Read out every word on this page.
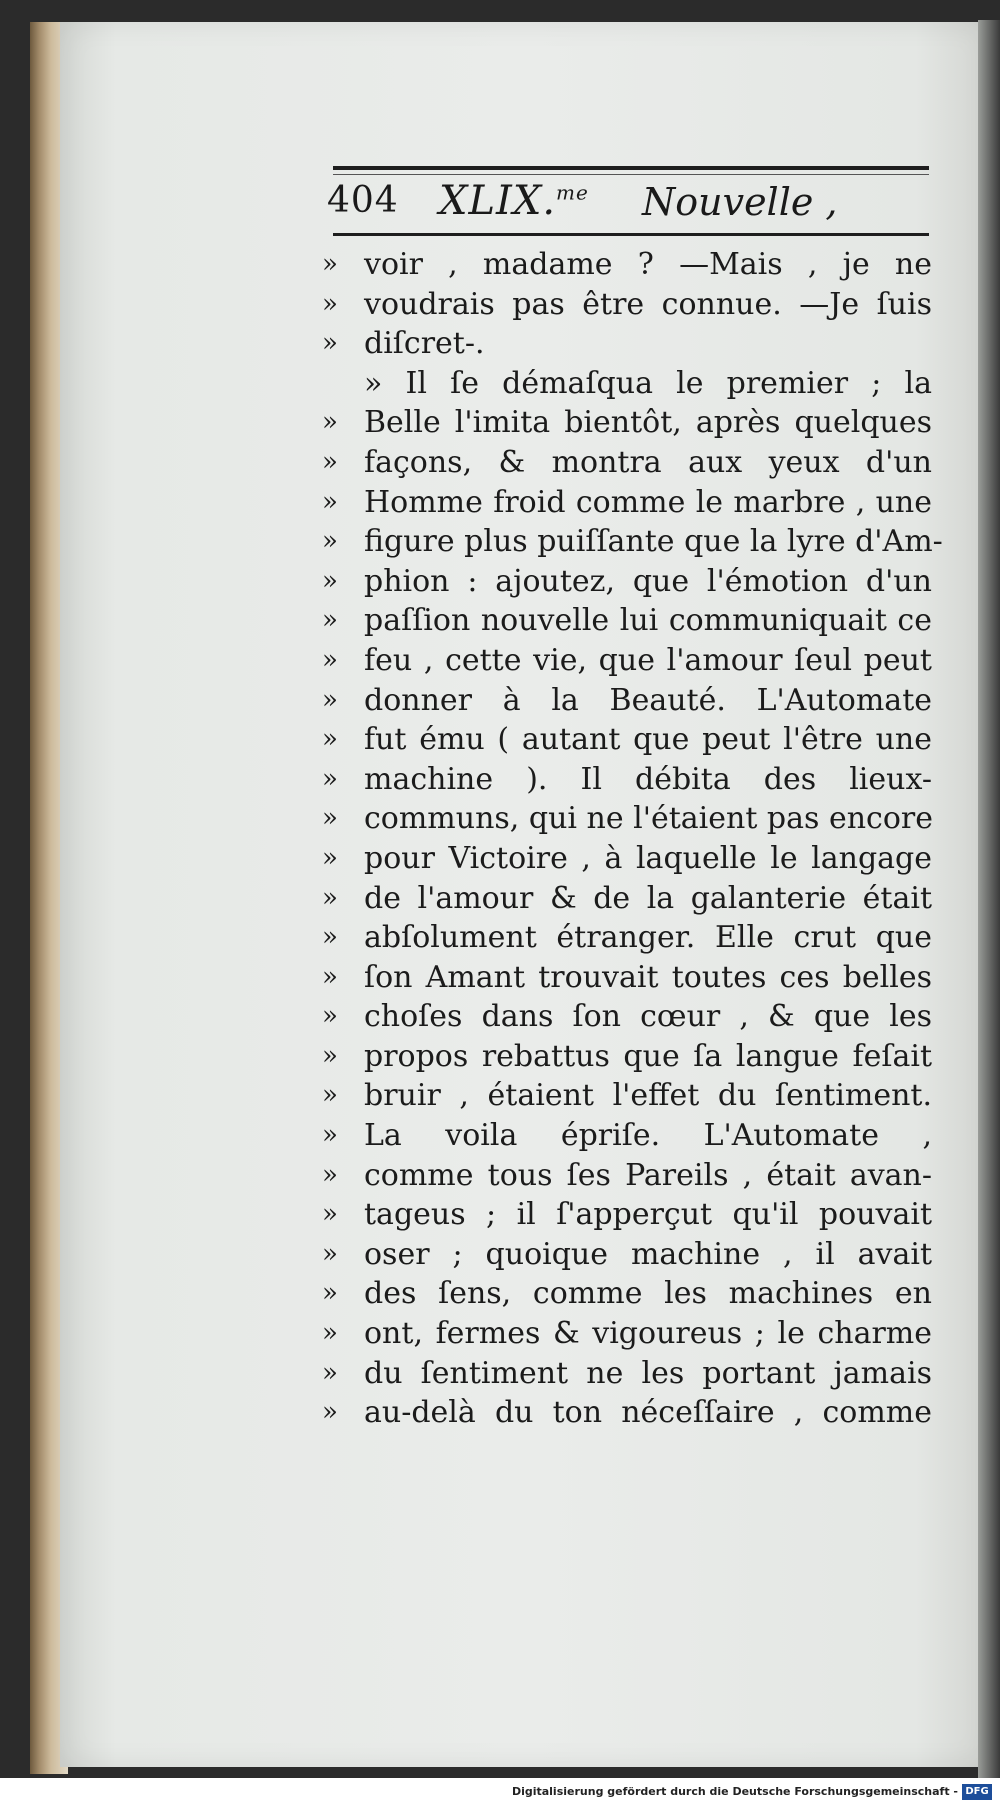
404 XLIX.$^{me}$ Nouvelle ,
» voir , madame ? —Mais , je ne
» voudrais pas être connue. —Je ſuis
» diſcret-.
» Il ſe démaſqua le premier ; la
» Belle l'imita bientôt, après quelques
» façons, & montra aux yeux d'un
» Homme froid comme le marbre , une
» figure plus puiſſante que la lyre d'Am-
» phion : ajoutez, que l'émotion d'un
» paſſion nouvelle lui communiquait ce
» feu , cette vie, que l'amour ſeul peut
» donner à la Beauté. L'Automate
» fut ému ( autant que peut l'être une
» machine ). Il débita des lieux-
» communs, qui ne l'étaient pas encore
» pour Victoire , à laquelle le langage
» de l'amour & de la galanterie était
» abſolument étranger. Elle crut que
» ſon Amant trouvait toutes ces belles
» choſes dans ſon cœur , & que les
» propos rebattus que ſa langue feſait
» bruir , étaient l'effet du ſentiment.
» La voila épriſe. L'Automate ,
» comme tous ſes Pareils , était avan-
» tageus ; il ſ'apperçut qu'il pouvait
» oser ; quoique machine , il avait
» des ſens, comme les machines en
» ont, fermes & vigoureus ; le charme
» du ſentiment ne les portant jamais
» au-delà du ton néceſſaire , comme
Digitalisierung gefördert durch die Deutsche Forschungsgemeinschaft - DFG
